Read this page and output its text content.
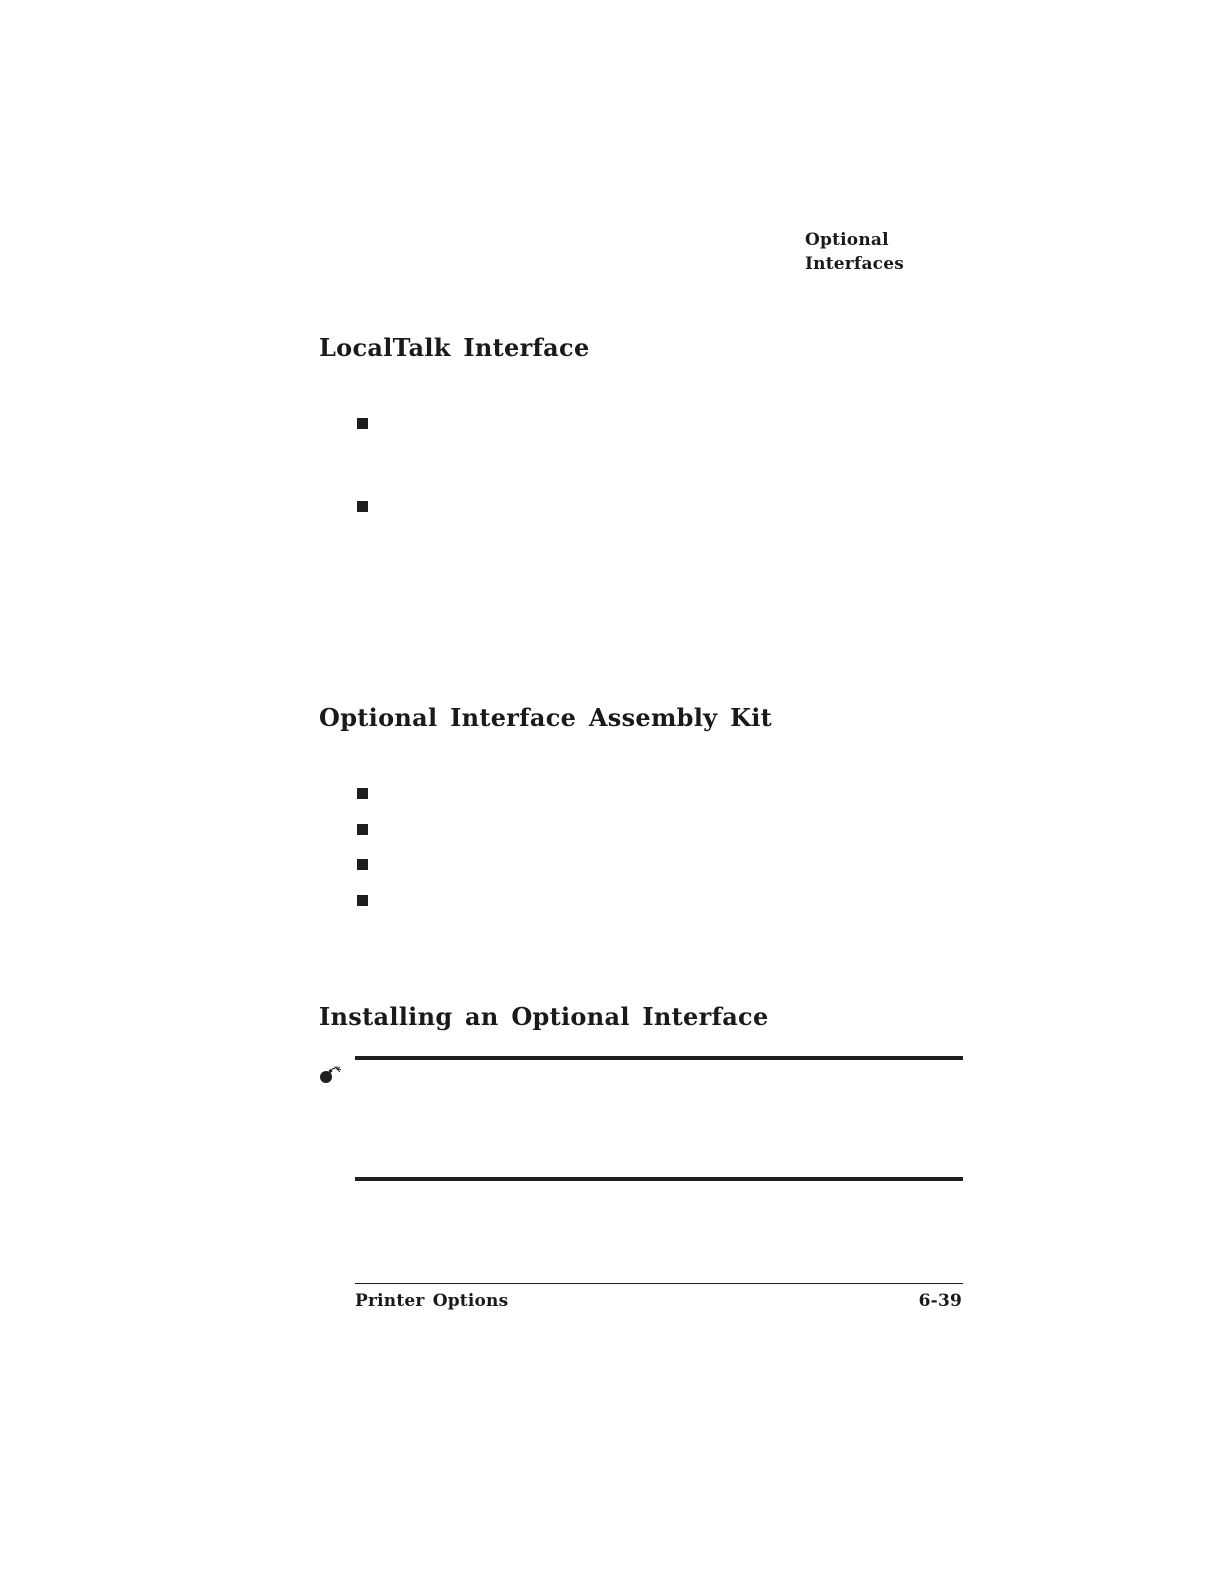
Optional
Interfaces
LocalTalk Interface
Optional Interface Assembly Kit
Installing an Optional Interface
Printer Options	6-39
